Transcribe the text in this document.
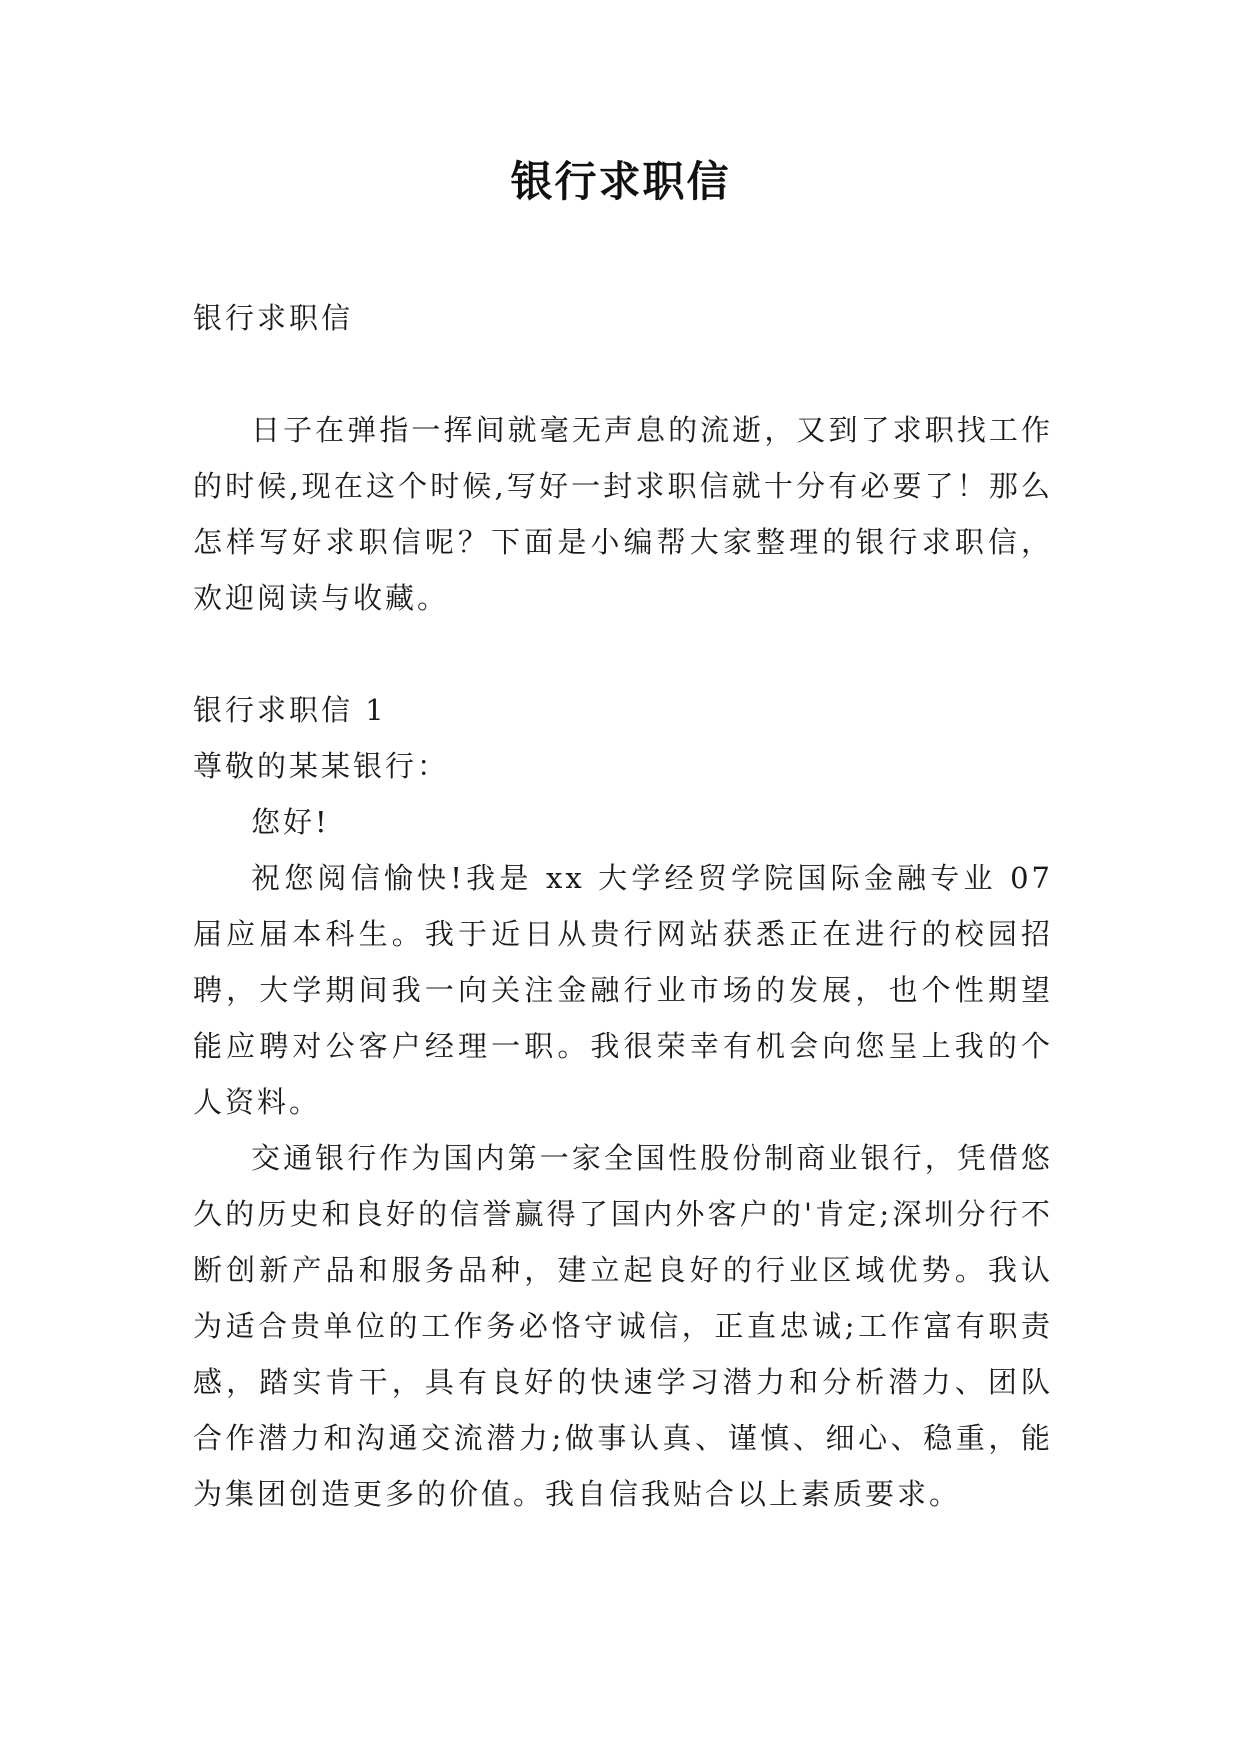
银行求职信

银行求职信

日子在弹指一挥间就毫无声息的流逝，又到了求职找工作的时候,现在这个时候,写好一封求职信就十分有必要了！那么怎样写好求职信呢？下面是小编帮大家整理的银行求职信，欢迎阅读与收藏。

银行求职信 1

尊敬的某某银行：

您好!

祝您阅信愉快!我是 xx 大学经贸学院国际金融专业 07 届应届本科生。我于近日从贵行网站获悉正在进行的校园招聘，大学期间我一向关注金融行业市场的发展，也个性期望能应聘对公客户经理一职。我很荣幸有机会向您呈上我的个人资料。

交通银行作为国内第一家全国性股份制商业银行，凭借悠久的历史和良好的信誉赢得了国内外客户的'肯定;深圳分行不断创新产品和服务品种，建立起良好的行业区域优势。我认为适合贵单位的工作务必恪守诚信，正直忠诚;工作富有职责感，踏实肯干，具有良好的快速学习潜力和分析潜力、团队合作潜力和沟通交流潜力;做事认真、谨慎、细心、稳重，能为集团创造更多的价值。我自信我贴合以上素质要求。
